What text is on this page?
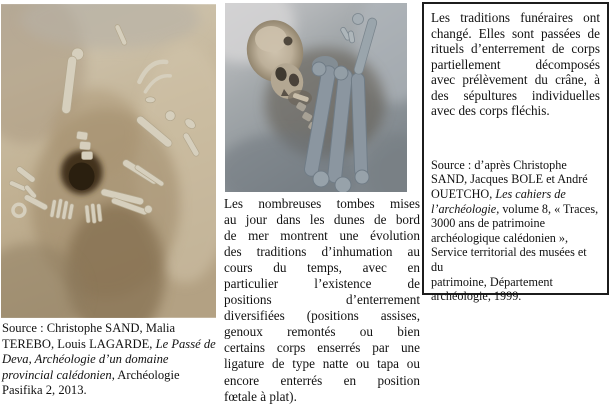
Source : Christophe SAND, Malia
TEREBO, Louis LAGARDE, Le Passé de
Deva, Archéologie d’un domaine
provincial calédonien, Archéologie
Pasifika 2, 2013.
Les nombreuses tombes mises
au jour dans les dunes de bord
de mer montrent une évolution
des traditions d’inhumation au
cours du temps, avec en
particulier l’existence de
positions d’enterrement
diversifiées (positions assises,
genoux remontés ou bien
certains corps enserrés par une
ligature de type natte ou tapa ou
encore enterrés en position
fœtale à plat).
Les traditions funéraires ont
changé. Elles sont passées de
rituels d’enterrement de corps
partiellement décomposés
avec prélèvement du crâne, à
des sépultures individuelles
avec des corps fléchis.
Source : d’après Christophe
SAND, Jacques BOLE et André
OUETCHO, Les cahiers de
l’archéologie, volume 8, « Traces,
3000 ans de patrimoine
archéologique calédonien »,
Service territorial des musées et du
patrimoine, Département
archéologie, 1999.
